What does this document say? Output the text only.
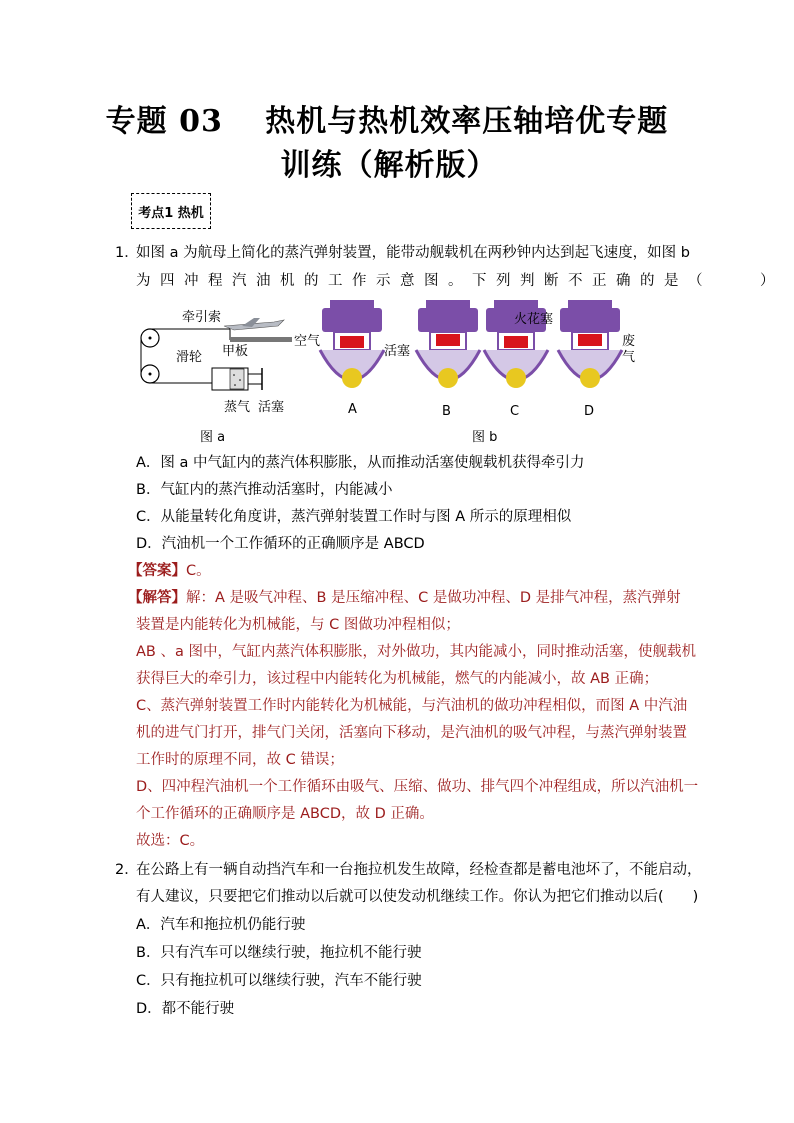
专题 03　 热机与热机效率压轴培优专题
训练（解析版）
考点1 热机
1．
如图 a 为航母上简化的蒸汽弹射装置，能带动舰载机在两秒钟内达到起飞速度，如图 b
为四冲程汽油机的工作示意图。下列判断不正确的是（　　）
牵引索
滑轮 甲板
蒸气 活塞
图 a
空气
活塞
火花塞
废
气
A	B	C	D
图 b
A．图 a 中气缸内的蒸汽体积膨胀，从而推动活塞使舰载机获得牵引力
B．气缸内的蒸汽推动活塞时，内能减小
C．从能量转化角度讲，蒸汽弹射装置工作时与图 A 所示的原理相似
D．汽油机一个工作循环的正确顺序是 ABCD
【答案】C。
【解答】解：A 是吸气冲程、B 是压缩冲程、C 是做功冲程、D 是排气冲程，蒸汽弹射
装置是内能转化为机械能，与 C 图做功冲程相似；
AB 、a 图中，气缸内蒸汽体积膨胀，对外做功，其内能减小，同时推动活塞，使舰载机
获得巨大的牵引力，该过程中内能转化为机械能，燃气的内能减小，故 AB 正确；
C、蒸汽弹射装置工作时内能转化为机械能，与汽油机的做功冲程相似，而图 A 中汽油
机的进气门打开，排气门关闭，活塞向下移动，是汽油机的吸气冲程，与蒸汽弹射装置
工作时的原理不同，故 C 错误；
D、四冲程汽油机一个工作循环由吸气、压缩、做功、排气四个冲程组成，所以汽油机一
个工作循环的正确顺序是 ABCD，故 D 正确。
故选：C。
2．
在公路上有一辆自动挡汽车和一台拖拉机发生故障，经检查都是蓄电池坏了，不能启动，
有人建议，只要把它们推动以后就可以使发动机继续工作。你认为把它们推动以后(　　)
A．汽车和拖拉机仍能行驶
B．只有汽车可以继续行驶，拖拉机不能行驶
C．只有拖拉机可以继续行驶，汽车不能行驶
D．都不能行驶
